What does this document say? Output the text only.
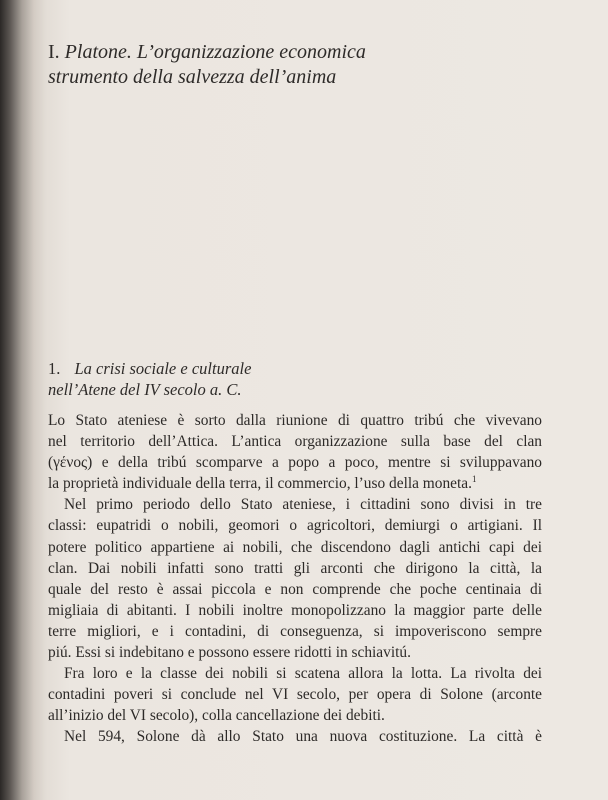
I. Platone. L’organizzazione economica
strumento della salvezza dell’anima
1. La crisi sociale e culturale
nell’Atene del IV secolo a. C.
Lo Stato ateniese è sorto dalla riunione di quattro tribú che vivevano
nel territorio dell’Attica. L’antica organizzazione sulla base del clan
(γένος) e della tribú scomparve a popo a poco, mentre si sviluppavano
la proprietà individuale della terra, il commercio, l’uso della moneta.$^1$
Nel primo periodo dello Stato ateniese, i cittadini sono divisi in tre
classi: eupatridi o nobili, geomori o agricoltori, demiurgi o artigiani. Il
potere politico appartiene ai nobili, che discendono dagli antichi capi dei
clan. Dai nobili infatti sono tratti gli arconti che dirigono la città, la
quale del resto è assai piccola e non comprende che poche centinaia di
migliaia di abitanti. I nobili inoltre monopolizzano la maggior parte delle
terre migliori, e i contadini, di conseguenza, si impoveriscono sempre
piú. Essi si indebitano e possono essere ridotti in schiavitú.
Fra loro e la classe dei nobili si scatena allora la lotta. La rivolta dei
contadini poveri si conclude nel VI secolo, per opera di Solone (arconte
all’inizio del VI secolo), colla cancellazione dei debiti.
Nel 594, Solone dà allo Stato una nuova costituzione. La città è
